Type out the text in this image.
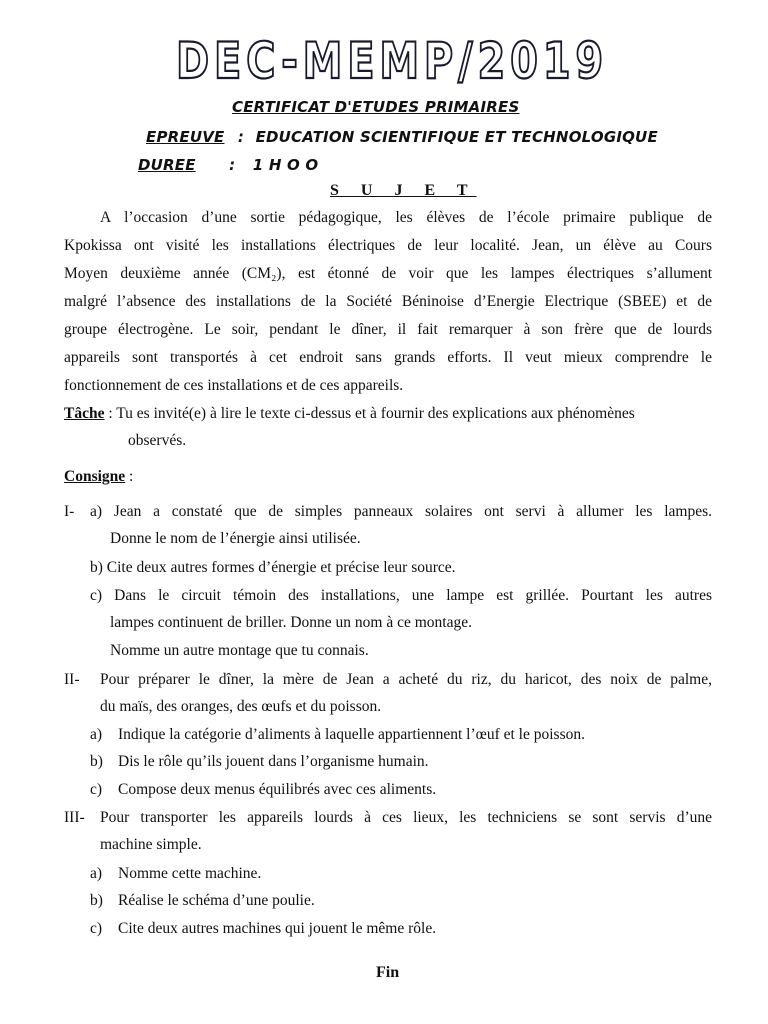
DEC-MEMP/2019
CERTIFICAT D'ETUDES PRIMAIRES
EPREUVE : EDUCATION SCIENTIFIQUE ET TECHNOLOGIQUE
DUREE : 1 H O O
S U J E T
A l’occasion d’une sortie pédagogique, les élèves de l’école primaire publique de
Kpokissa ont visité les installations électriques de leur localité. Jean, un élève au Cours
Moyen deuxième année (CM₂), est étonné de voir que les lampes électriques s’allument
malgré l’absence des installations de la Société Béninoise d’Energie Electrique (SBEE) et de
groupe électrogène. Le soir, pendant le dîner, il fait remarquer à son frère que de lourds
appareils sont transportés à cet endroit sans grands efforts. Il veut mieux comprendre le
fonctionnement de ces installations et de ces appareils.
Tâche : Tu es invité(e) à lire le texte ci-dessus et à fournir des explications aux phénomènes
observés.
Consigne :
I- a) Jean a constaté que de simples panneaux solaires ont servi à allumer les lampes.
Donne le nom de l’énergie ainsi utilisée.
b) Cite deux autres formes d’énergie et précise leur source.
c) Dans le circuit témoin des installations, une lampe est grillée. Pourtant les autres
lampes continuent de briller. Donne un nom à ce montage.
Nomme un autre montage que tu connais.
II- Pour préparer le dîner, la mère de Jean a acheté du riz, du haricot, des noix de palme,
du maïs, des oranges, des œufs et du poisson.
a) Indique la catégorie d’aliments à laquelle appartiennent l’œuf et le poisson.
b) Dis le rôle qu’ils jouent dans l’organisme humain.
c) Compose deux menus équilibrés avec ces aliments.
III- Pour transporter les appareils lourds à ces lieux, les techniciens se sont servis d’une
machine simple.
a) Nomme cette machine.
b) Réalise le schéma d’une poulie.
c) Cite deux autres machines qui jouent le même rôle.
Fin
